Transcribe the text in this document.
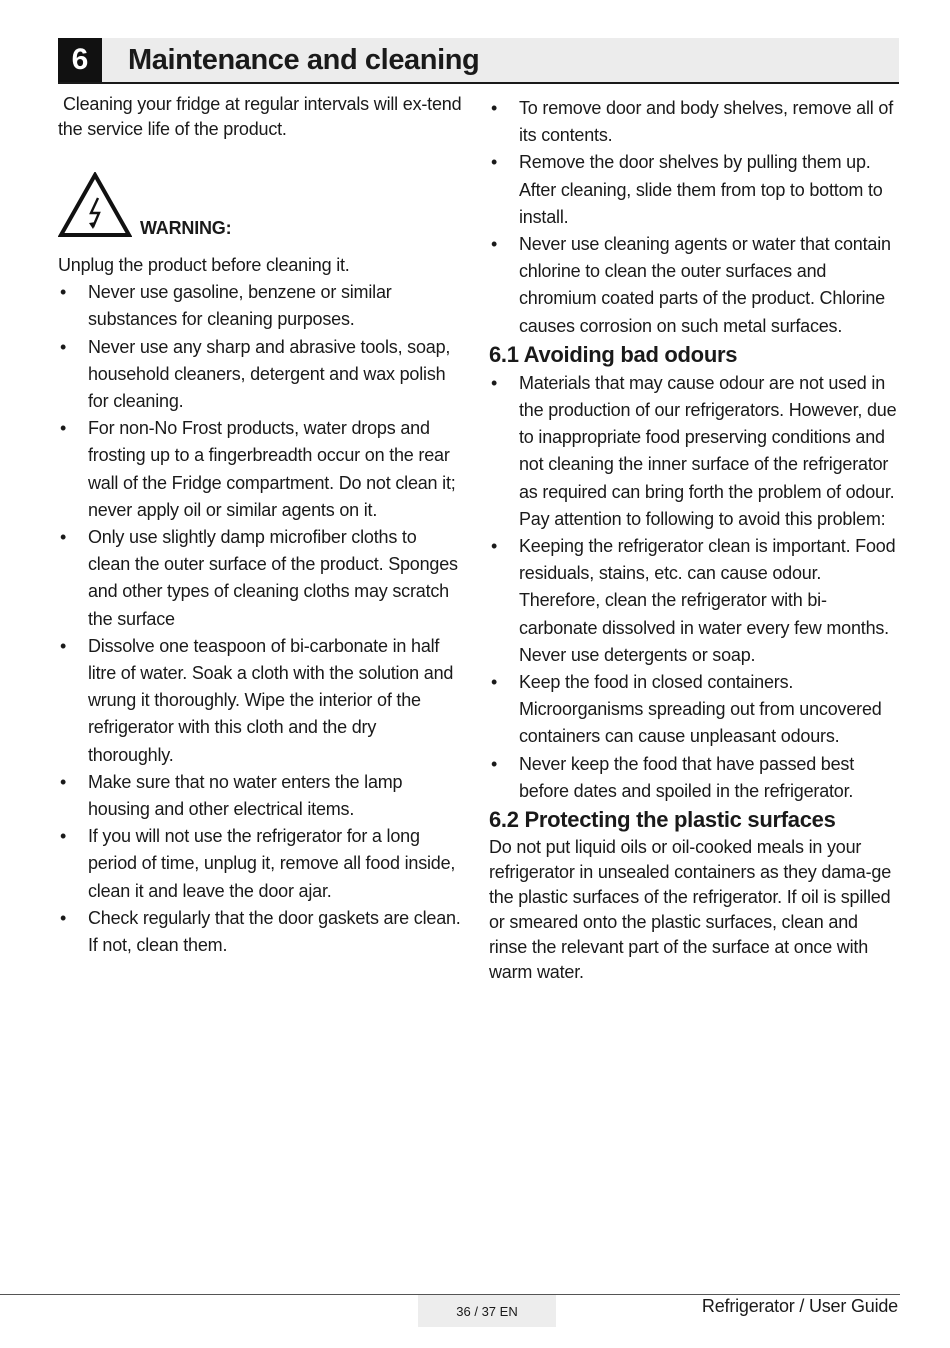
6	Maintenance and cleaning

Cleaning your fridge at regular intervals will ex-tend the service life of the product.

WARNING:

Unplug the product before cleaning it.

• Never use gasoline, benzene or similar substances for cleaning purposes.
• Never use any sharp and abrasive tools, soap, household cleaners, detergent and wax polish for cleaning.
• For non-No Frost products, water drops and frosting up to a fingerbreadth occur on the rear wall of the Fridge compartment. Do not clean it; never apply oil or similar agents on it.
• Only use slightly damp microfiber cloths to clean the outer surface of the product. Sponges and other types of cleaning cloths may scratch the surface
• Dissolve one teaspoon of bi-carbonate in half litre of water. Soak a cloth with the solution and wrung it thoroughly. Wipe the interior of the refrigerator with this cloth and the dry thoroughly.
• Make sure that no water enters the lamp housing and other electrical items.
• If you will not use the refrigerator for a long period of time, unplug it, remove all food inside, clean it and leave the door ajar.
• Check regularly that the door gaskets are clean. If not, clean them.
• To remove door and body shelves, remove all of its contents.
• Remove the door shelves by pulling them up. After cleaning, slide them from top to bottom to install.
• Never use cleaning agents or water that contain chlorine to clean the outer surfaces and chromium coated parts of the product. Chlorine causes corrosion on such metal surfaces.
6.1 Avoiding bad odours
• Materials that may cause odour are not used in the production of our refrigerators. However, due to inappropriate food preserving conditions and not cleaning the inner surface of the refrigerator as required can bring forth the problem of odour. Pay attention to following to avoid this problem:
• Keeping the refrigerator clean is important. Food residuals, stains, etc. can cause odour. Therefore, clean the refrigerator with bi-carbonate dissolved in water every few months. Never use detergents or soap.
• Keep the food in closed containers. Microorganisms spreading out from uncovered containers can cause unpleasant odours.
• Never keep the food that have passed best before dates and spoiled in the refrigerator.
6.2 Protecting the plastic surfaces

Do not put liquid oils or oil-cooked meals in your refrigerator in unsealed containers as they dama-ge the plastic surfaces of the refrigerator. If oil is spilled or smeared onto the plastic surfaces, clean and rinse the relevant part of the surface at once with warm water.

36 / 37 EN	Refrigerator / User Guide
